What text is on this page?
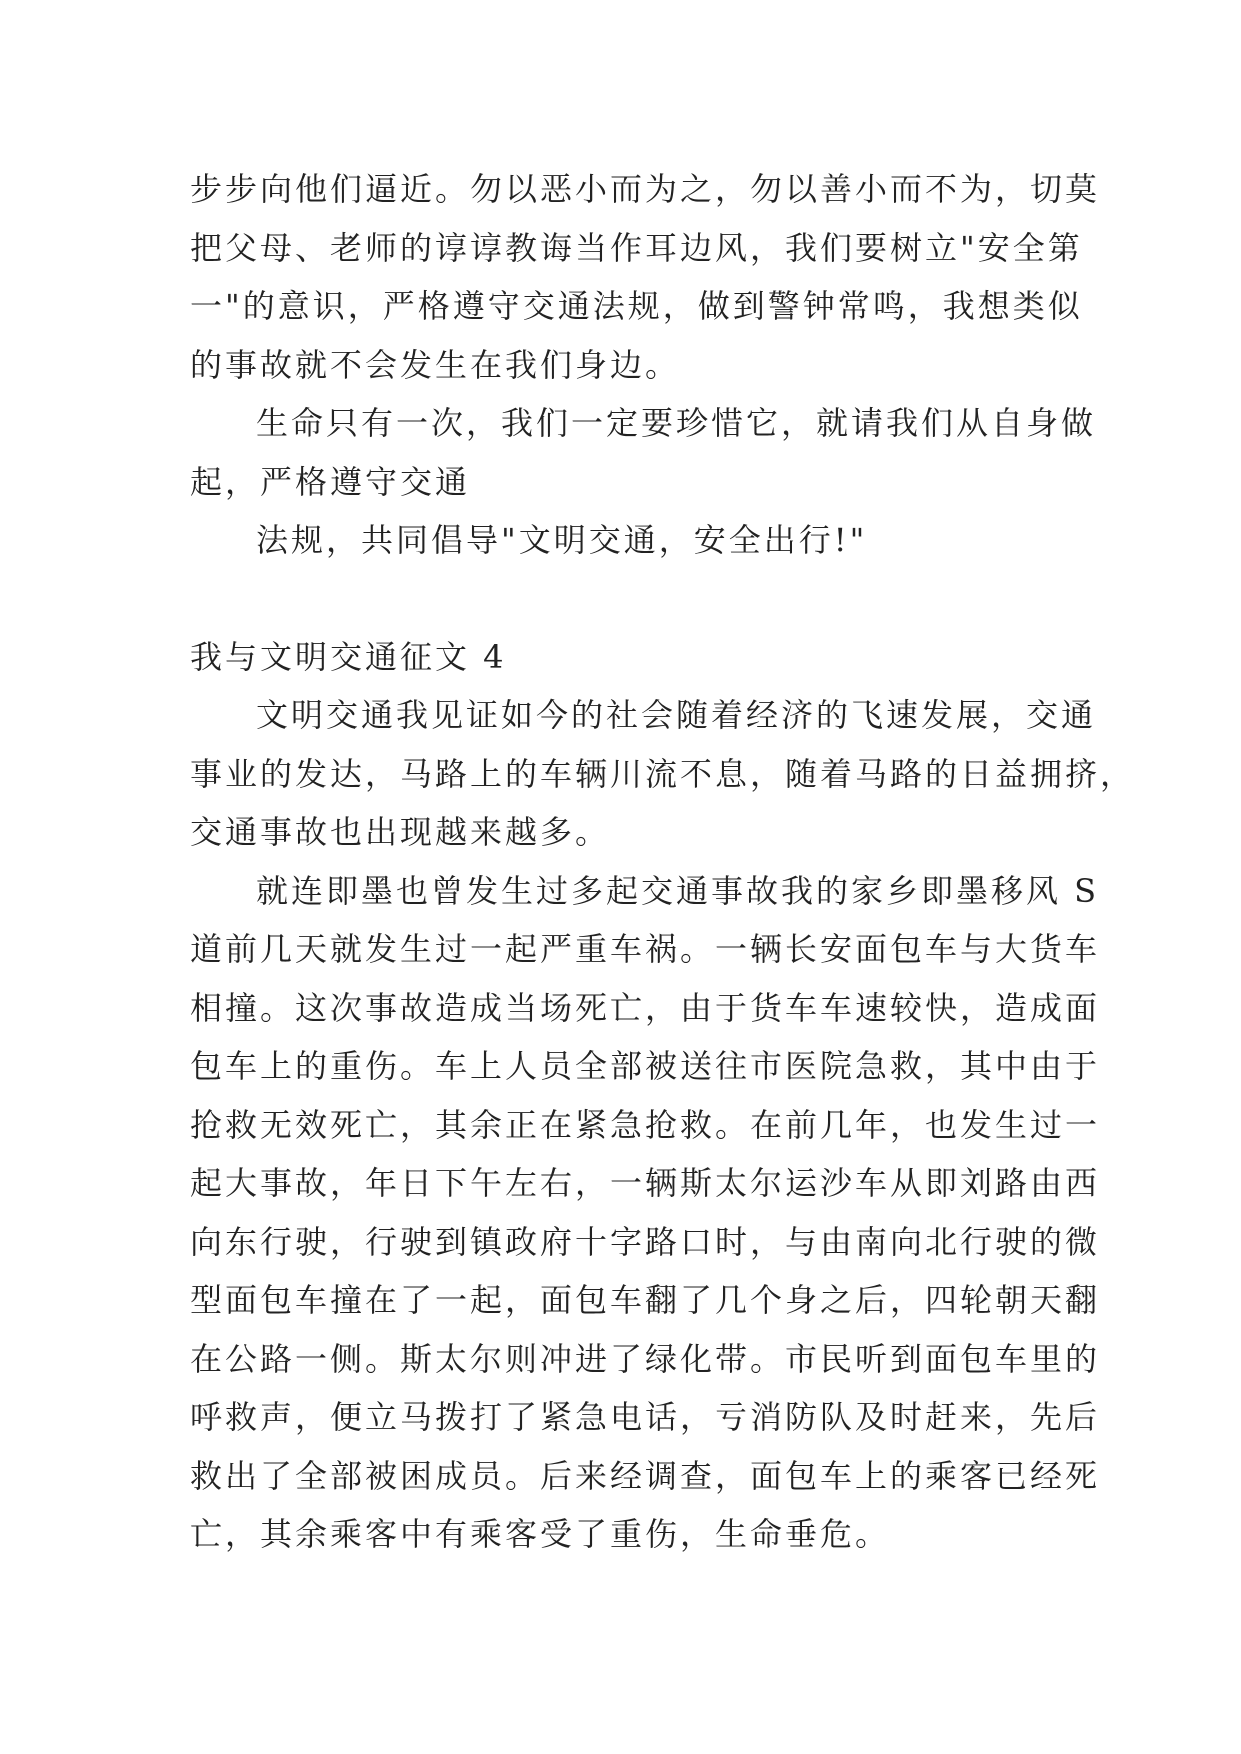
步步向他们逼近。勿以恶小而为之，勿以善小而不为，切莫
把父母、老师的谆谆教诲当作耳边风，我们要树立"安全第
一"的意识，严格遵守交通法规，做到警钟常鸣，我想类似
的事故就不会发生在我们身边。
生命只有一次，我们一定要珍惜它，就请我们从自身做
起，严格遵守交通
法规，共同倡导"文明交通，安全出行!"
我与文明交通征文 4
文明交通我见证如今的社会随着经济的飞速发展，交通
事业的发达，马路上的车辆川流不息，随着马路的日益拥挤，
交通事故也出现越来越多。
就连即墨也曾发生过多起交通事故我的家乡即墨移风 S
道前几天就发生过一起严重车祸。一辆长安面包车与大货车
相撞。这次事故造成当场死亡，由于货车车速较快，造成面
包车上的重伤。车上人员全部被送往市医院急救，其中由于
抢救无效死亡，其余正在紧急抢救。在前几年，也发生过一
起大事故，年日下午左右，一辆斯太尔运沙车从即刘路由西
向东行驶，行驶到镇政府十字路口时，与由南向北行驶的微
型面包车撞在了一起，面包车翻了几个身之后，四轮朝天翻
在公路一侧。斯太尔则冲进了绿化带。市民听到面包车里的
呼救声，便立马拨打了紧急电话，亏消防队及时赶来，先后
救出了全部被困成员。后来经调查，面包车上的乘客已经死
亡，其余乘客中有乘客受了重伤，生命垂危。
